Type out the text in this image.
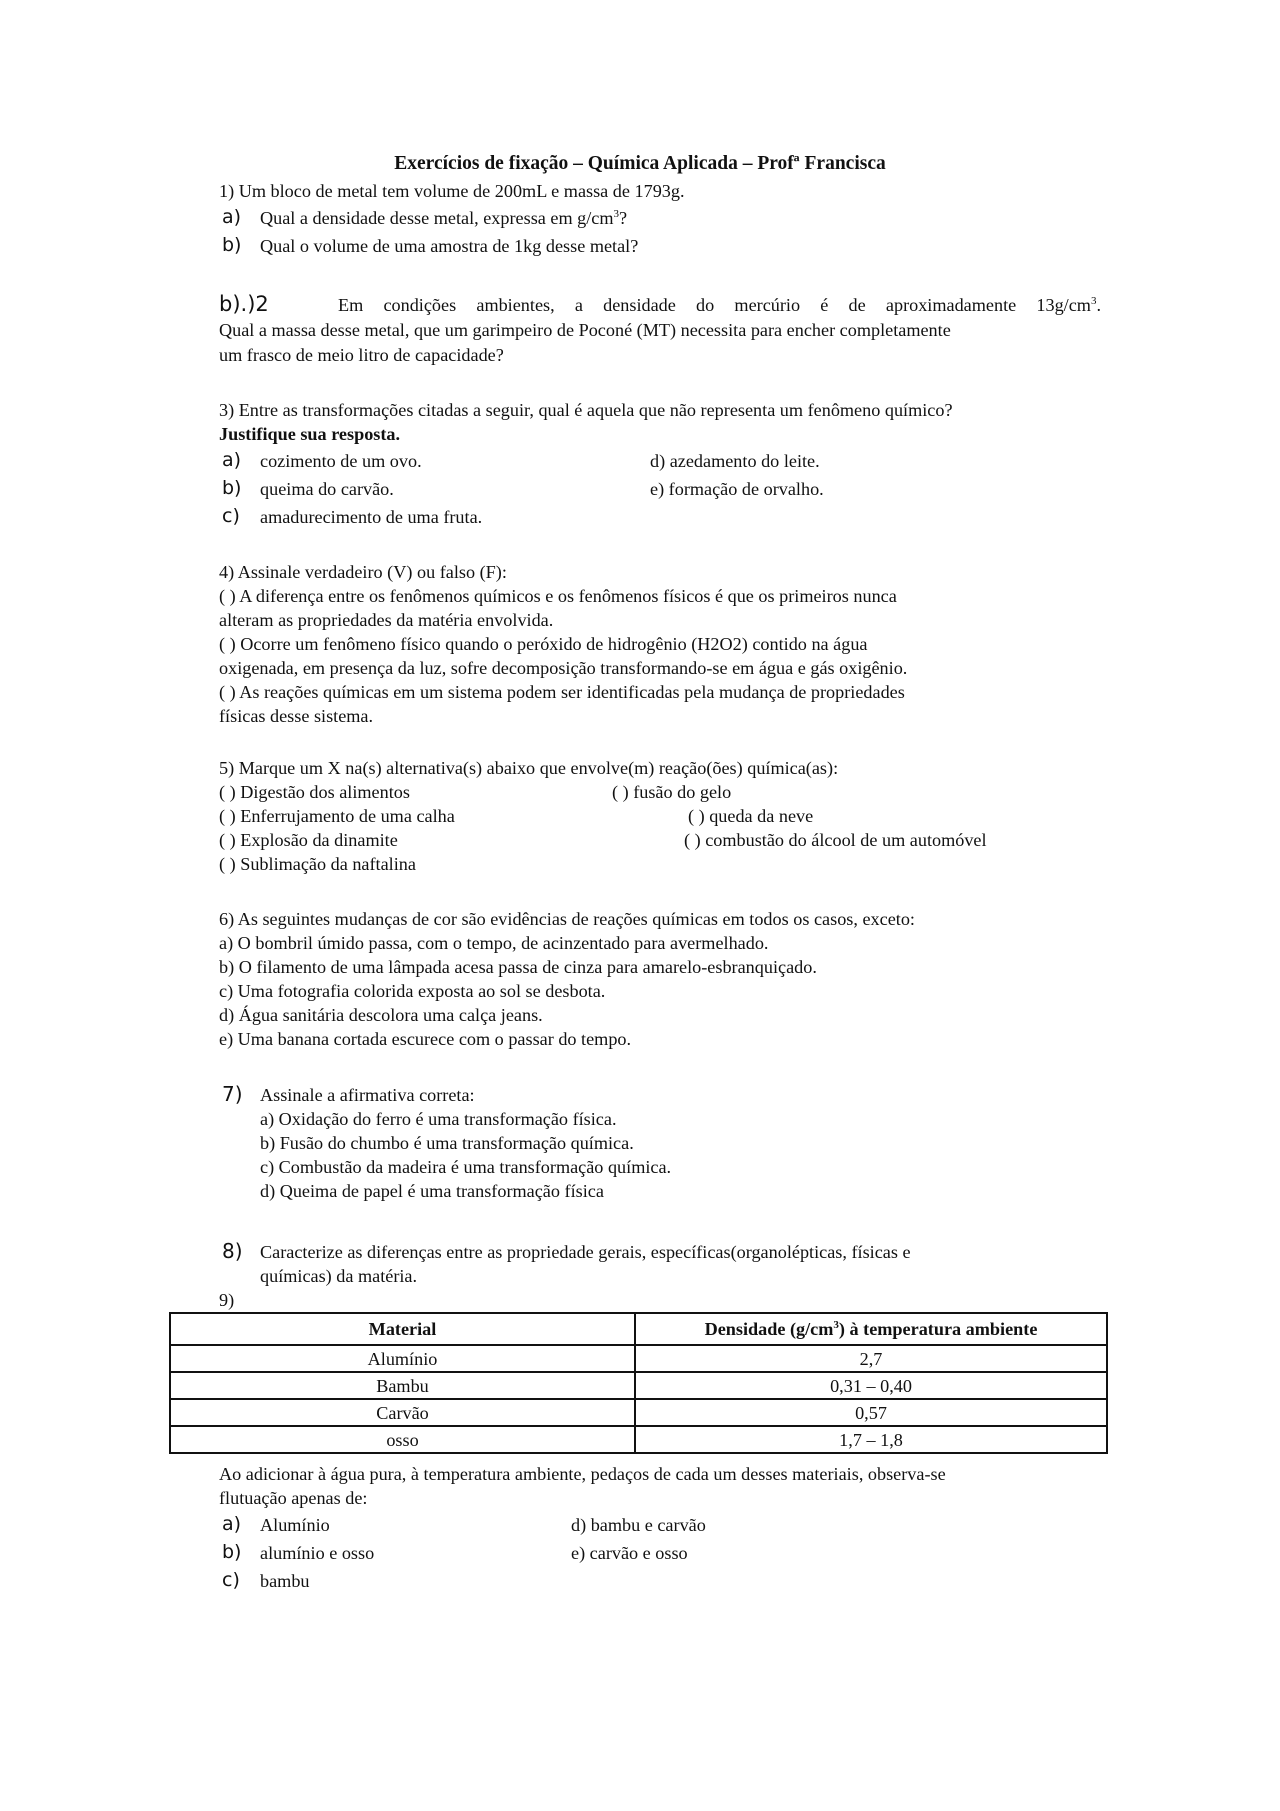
Exercícios de fixação – Química Aplicada – Profª Francisca
1) Um bloco de metal tem volume de 200mL e massa de 1793g.
a) Qual a densidade desse metal, expressa em $g/cm^3$?
b) Qual o volume de uma amostra de 1kg desse metal?
b).)2	Em condições ambientes, a densidade do mercúrio é de aproximadamente $13g/cm^3$.
Qual a massa desse metal, que um garimpeiro de Poconé (MT) necessita para encher completamente
um frasco de meio litro de capacidade?
3) Entre as transformações citadas a seguir, qual é aquela que não representa um fenômeno químico?
Justifique sua resposta.
a) cozimento de um ovo.
b) queima do carvão.
c) amadurecimento de uma fruta.
d) azedamento do leite.
e) formação de orvalho.
4) Assinale verdadeiro (V) ou falso (F):
( ) A diferença entre os fenômenos químicos e os fenômenos físicos é que os primeiros nunca
alteram as propriedades da matéria envolvida.
( ) Ocorre um fenômeno físico quando o peróxido de hidrogênio (H2O2) contido na água
oxigenada, em presença da luz, sofre decomposição transformando-se em água e gás oxigênio.
( ) As reações químicas em um sistema podem ser identificadas pela mudança de propriedades
físicas desse sistema.
5) Marque um X na(s) alternativa(s) abaixo que envolve(m) reação(ões) química(as):
( ) Digestão dos alimentos
( ) Enferrujamento de uma calha
( ) Explosão da dinamite
( ) Sublimação da naftalina
( ) fusão do gelo
( ) queda da neve
( ) combustão do álcool de um automóvel
6) As seguintes mudanças de cor são evidências de reações químicas em todos os casos, exceto:
a) O bombril úmido passa, com o tempo, de acinzentado para avermelhado.
b) O filamento de uma lâmpada acesa passa de cinza para amarelo-esbranquiçado.
c) Uma fotografia colorida exposta ao sol se desbota.
d) Água sanitária descolora uma calça jeans.
e) Uma banana cortada escurece com o passar do tempo.
7) Assinale a afirmativa correta:
a) Oxidação do ferro é uma transformação física.
b) Fusão do chumbo é uma transformação química.
c) Combustão da madeira é uma transformação química.
d) Queima de papel é uma transformação física
8) Caracterize as diferenças entre as propriedade gerais, específicas(organolépticas, físicas e
químicas) da matéria.
9)
Material	Densidade $(g/cm^3)$ à temperatura ambiente
Alumínio	2,7
Bambu	0,31 – 0,40
Carvão	0,57
osso	1,7 – 1,8
Ao adicionar à água pura, à temperatura ambiente, pedaços de cada um desses materiais, observa-se
flutuação apenas de:
a) Alumínio
b) alumínio e osso
c) bambu
d) bambu e carvão
e) carvão e osso
